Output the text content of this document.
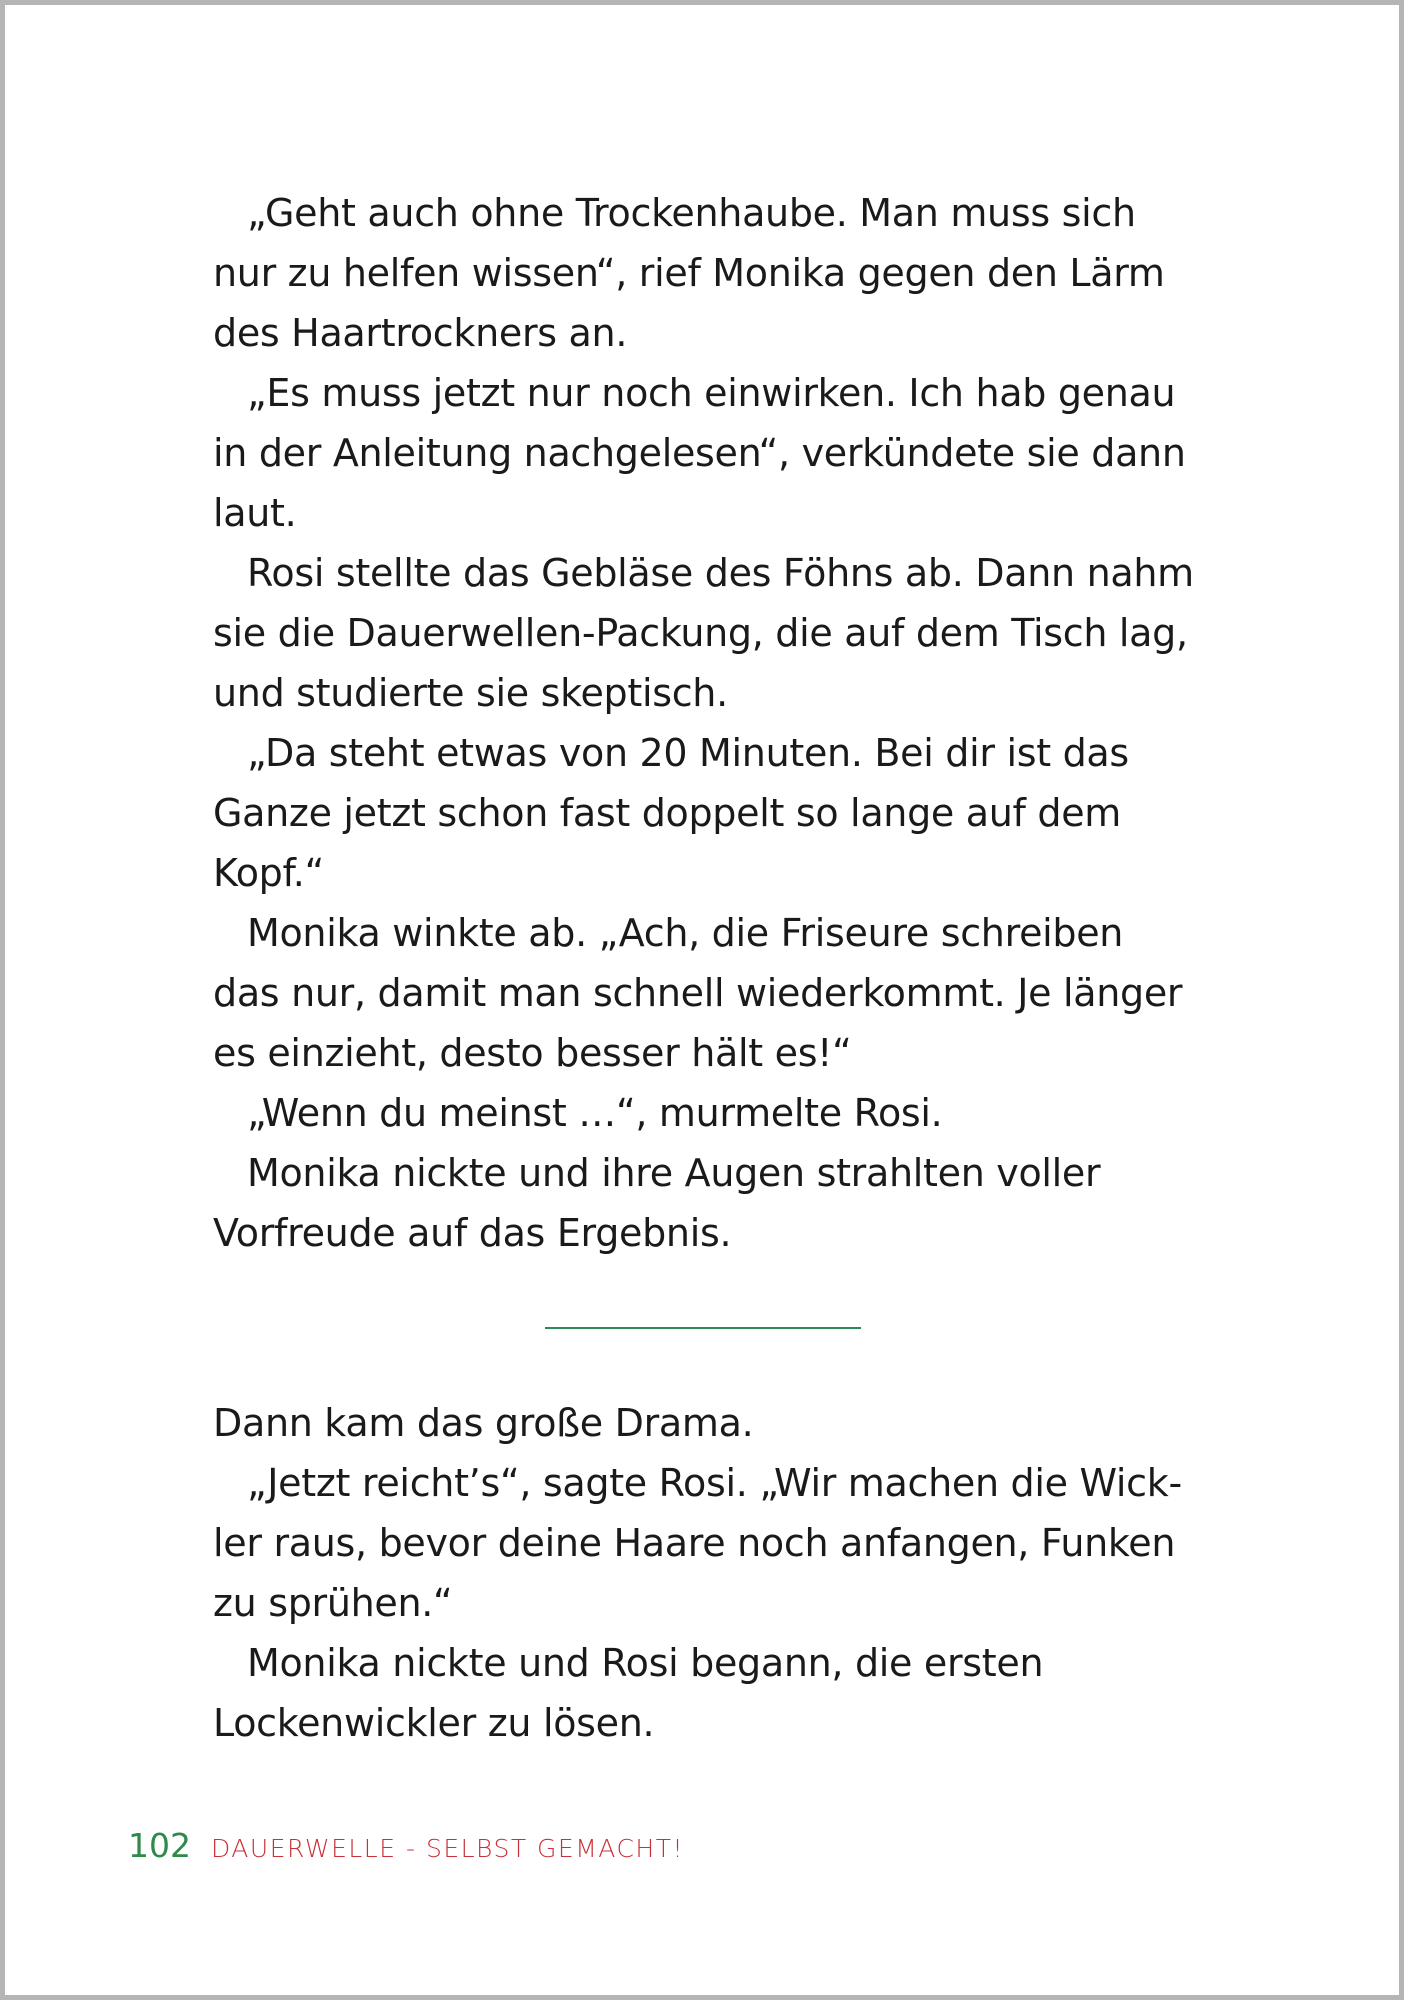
„Geht auch ohne Trockenhaube. Man muss sich
nur zu helfen wissen“, rief Monika gegen den Lärm
des Haartrockners an.
„Es muss jetzt nur noch einwirken. Ich hab genau
in der Anleitung nachgelesen“, verkündete sie dann
laut.
Rosi stellte das Gebläse des Föhns ab. Dann nahm
sie die Dauerwellen-Packung, die auf dem Tisch lag,
und studierte sie skeptisch.
„Da steht etwas von 20 Minuten. Bei dir ist das
Ganze jetzt schon fast doppelt so lange auf dem
Kopf.“
Monika winkte ab. „Ach, die Friseure schreiben
das nur, damit man schnell wiederkommt. Je länger
es einzieht, desto besser hält es!“
„Wenn du meinst …“, murmelte Rosi.
Monika nickte und ihre Augen strahlten voller
Vorfreude auf das Ergebnis.
Dann kam das große Drama.
„Jetzt reicht’s“, sagte Rosi. „Wir machen die Wick-
ler raus, bevor deine Haare noch anfangen, Funken
zu sprühen.“
Monika nickte und Rosi begann, die ersten
Lockenwickler zu lösen.
102 DAUERWELLE - SELBST GEMACHT!
